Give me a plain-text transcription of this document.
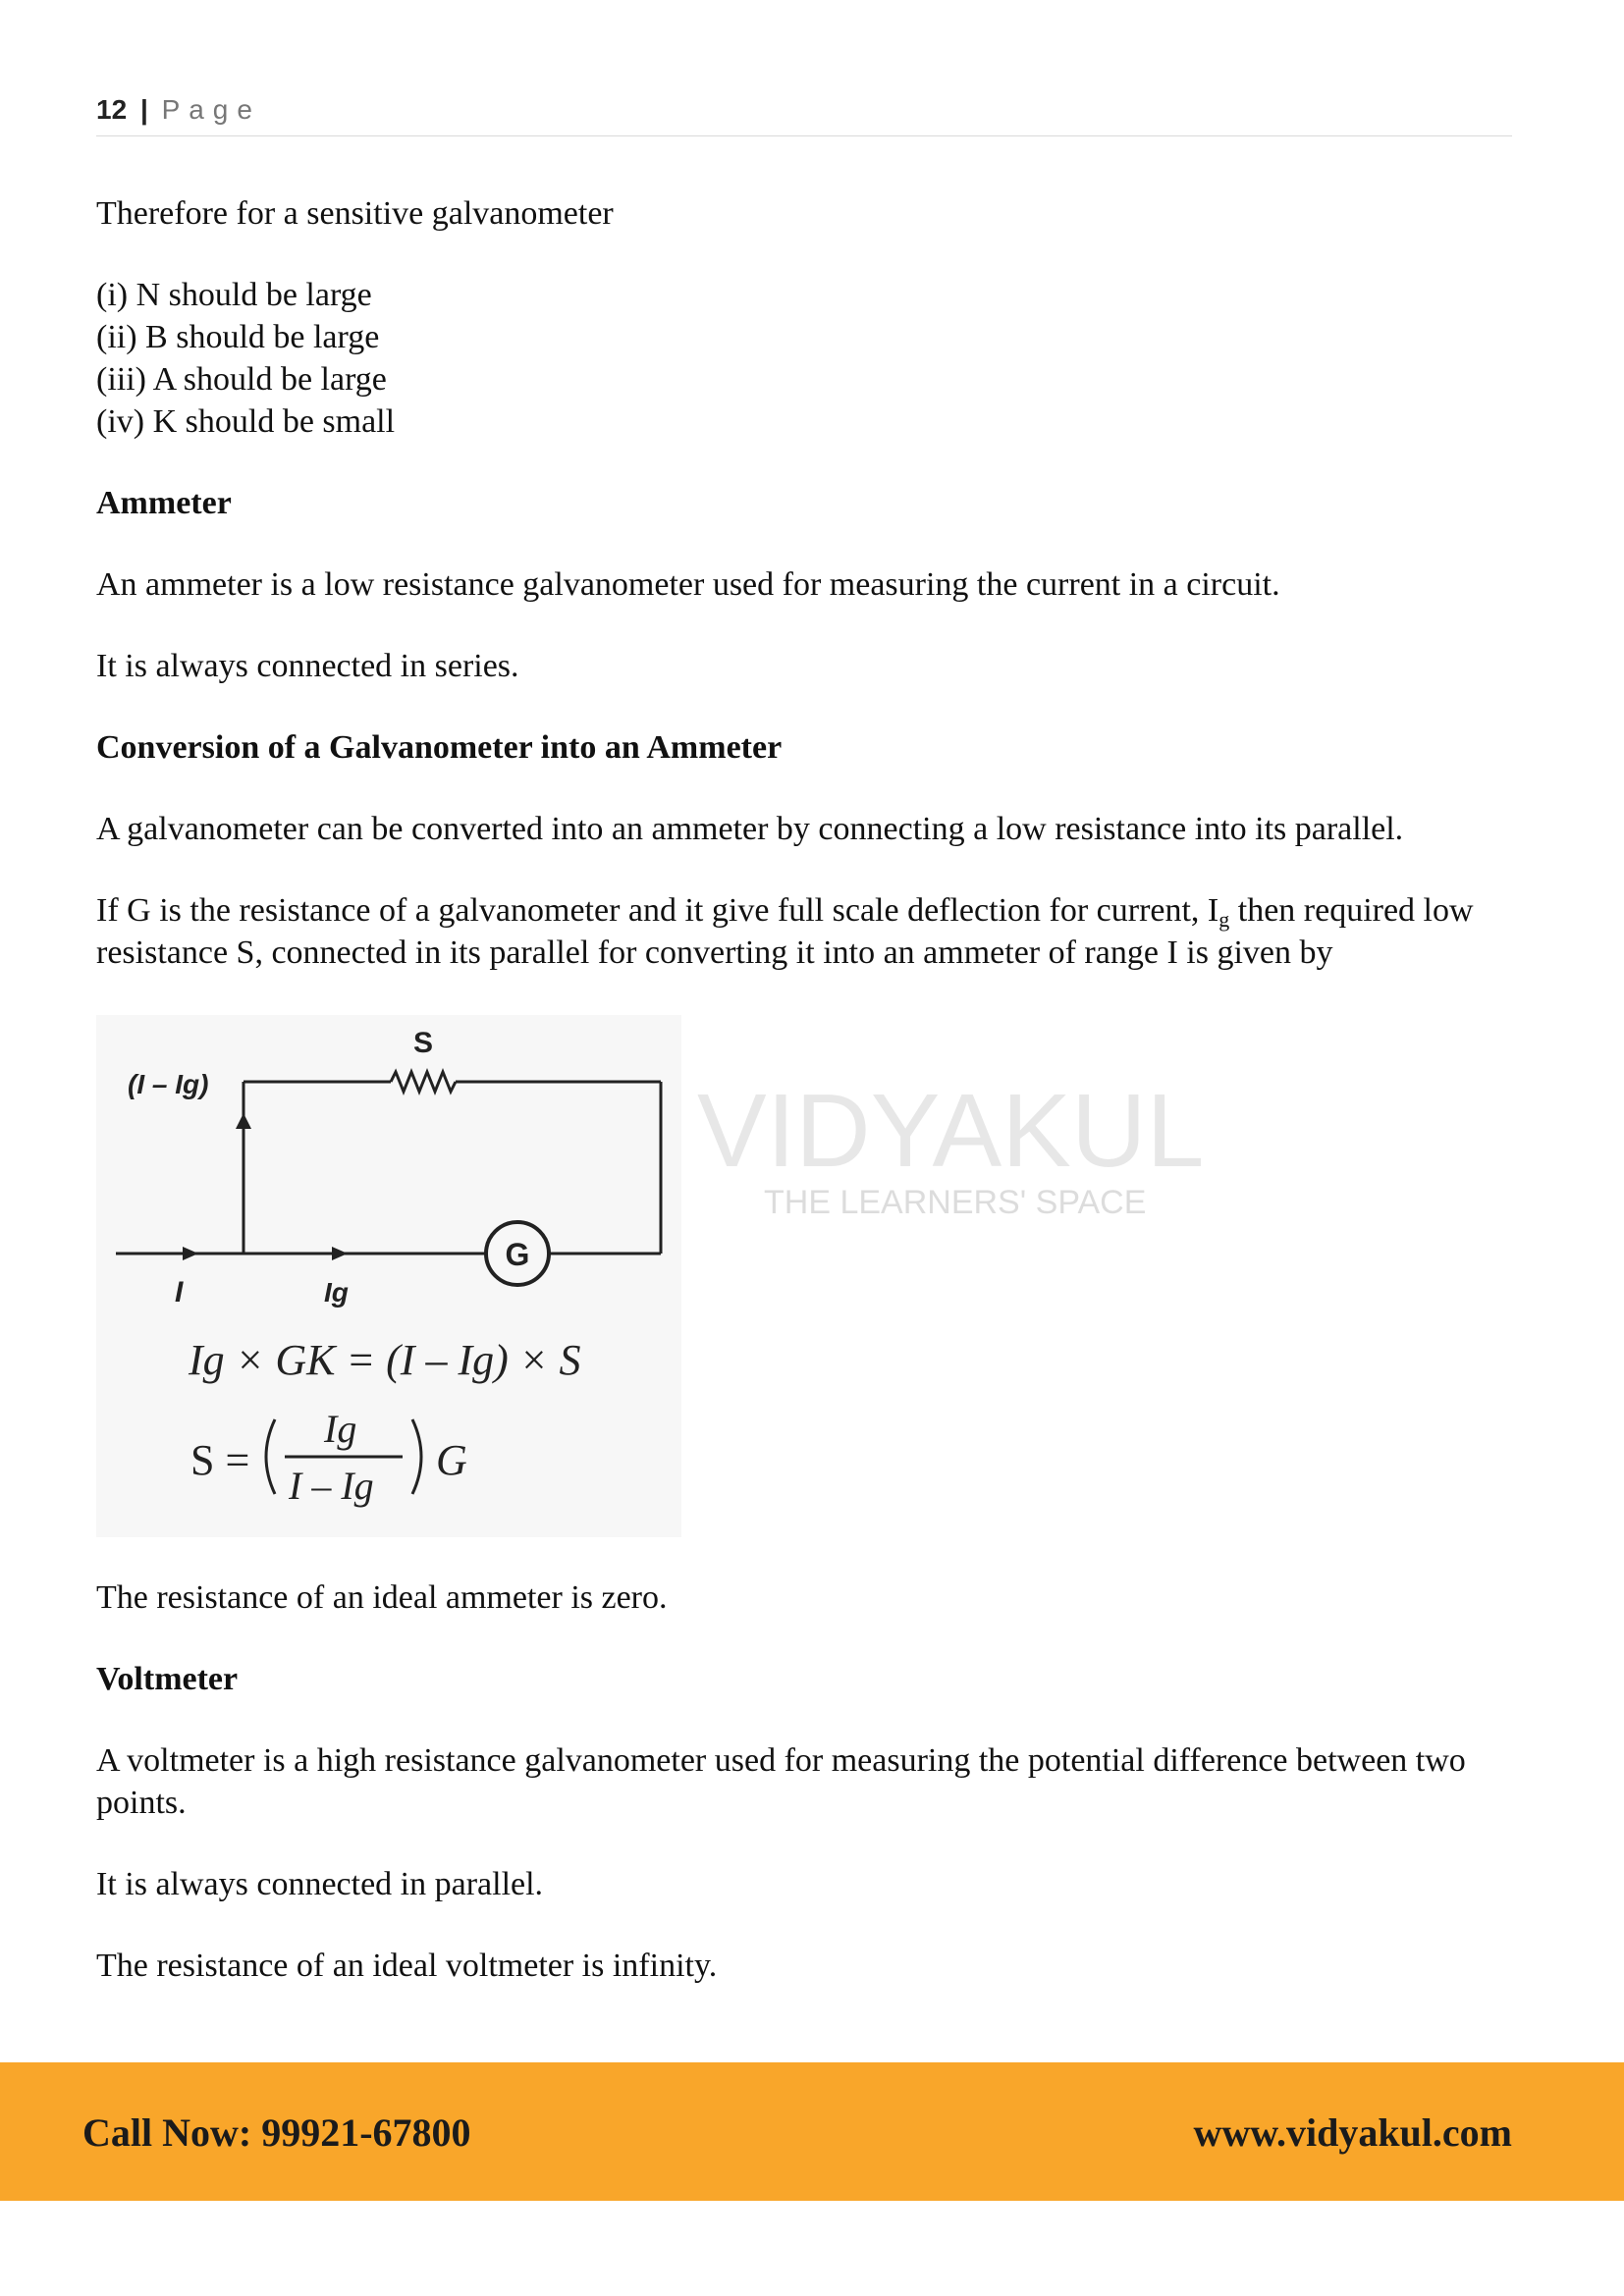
12 | Page
VIDYAKUL
THE LEARNERS' SPACE

Therefore for a sensitive galvanometer

(i) N should be large
(ii) B should be large
(iii) A should be large
(iv) K should be small
Ammeter

An ammeter is a low resistance galvanometer used for measuring the current in a circuit.

It is always connected in series.

Conversion of a Galvanometer into an Ammeter

A galvanometer can be converted into an ammeter by connecting a low resistance into its parallel.

If G is the resistance of a galvanometer and it give full scale deflection for current, $I_g$ then required low resistance S, connected in its parallel for converting it into an ammeter of range I is given by

G
S
(I – Ig)
I	Ig
Ig × GK = (I – Ig) × S
S =
Ig
I – Ig
G

The resistance of an ideal ammeter is zero.

Voltmeter

A voltmeter is a high resistance galvanometer used for measuring the potential difference between two points.

It is always connected in parallel.

The resistance of an ideal voltmeter is infinity.

Call Now: 99921-67800	www.vidyakul.com
